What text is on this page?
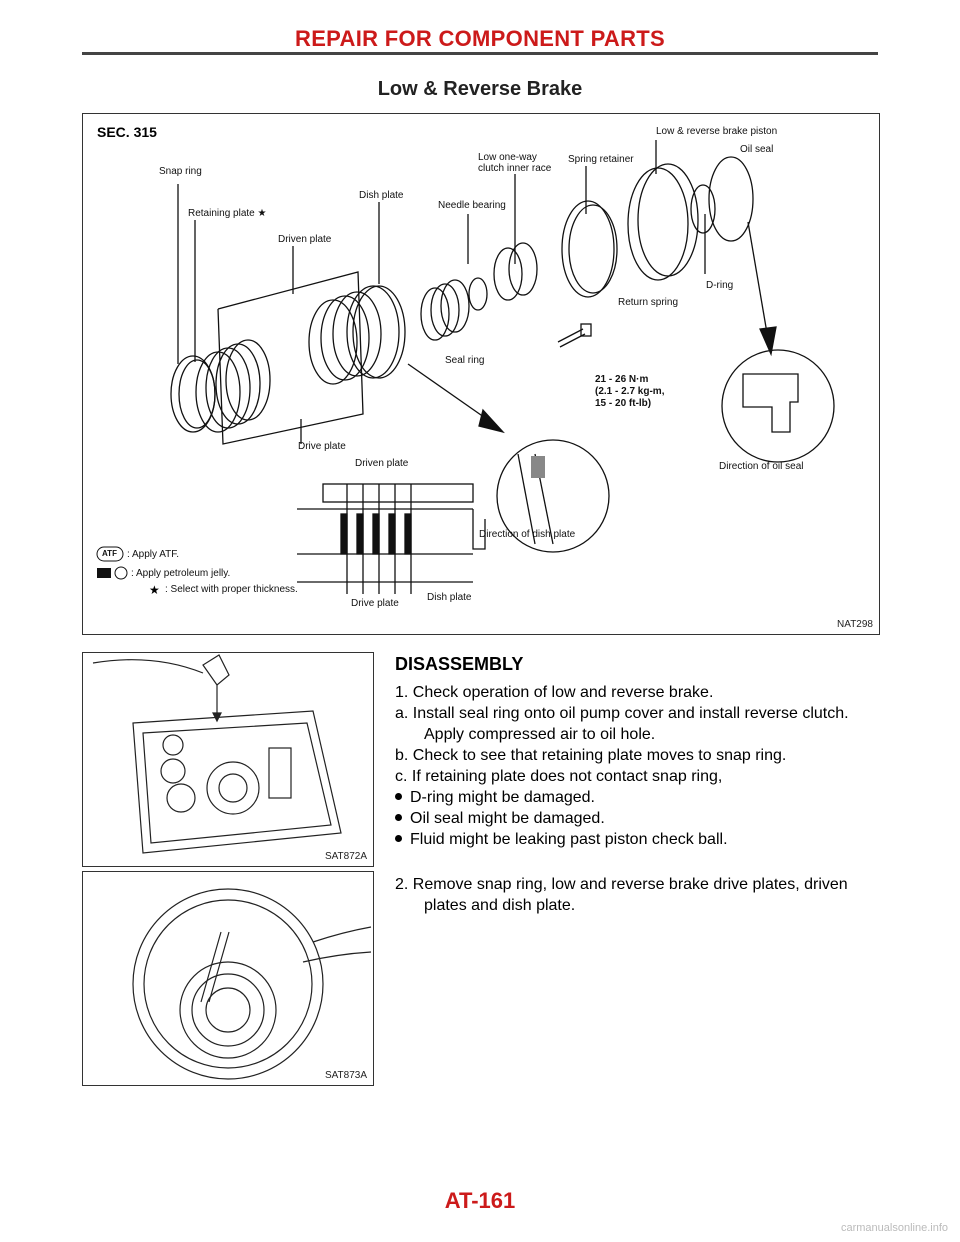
REPAIR FOR COMPONENT PARTS
Low & Reverse Brake
SEC. 315
★
Snap ring
Retaining plate ★
Driven plate
Dish plate
Needle bearing
Low one-way
clutch inner race
Spring retainer
Low & reverse brake piston
Oil seal
D-ring
Return spring
Seal ring
21 - 26 N·m
(2.1 - 2.7 kg-m,
15 - 20 ft-lb)
Drive plate
Driven plate
Direction of dish plate
Direction of oil seal
Drive plate
Dish plate
ATF : Apply ATF.
: Apply petroleum jelly.
: Select with proper thickness.
NAT298
SAT872A
SAT873A
DISASSEMBLY
1. Check operation of low and reverse brake.
a. Install seal ring onto oil pump cover and install reverse clutch.
Apply compressed air to oil hole.
b. Check to see that retaining plate moves to snap ring.
c. If retaining plate does not contact snap ring,
D-ring might be damaged.
Oil seal might be damaged.
Fluid might be leaking past piston check ball.
2. Remove snap ring, low and reverse brake drive plates, driven
plates and dish plate.
AT-161
carmanualsonline.info
